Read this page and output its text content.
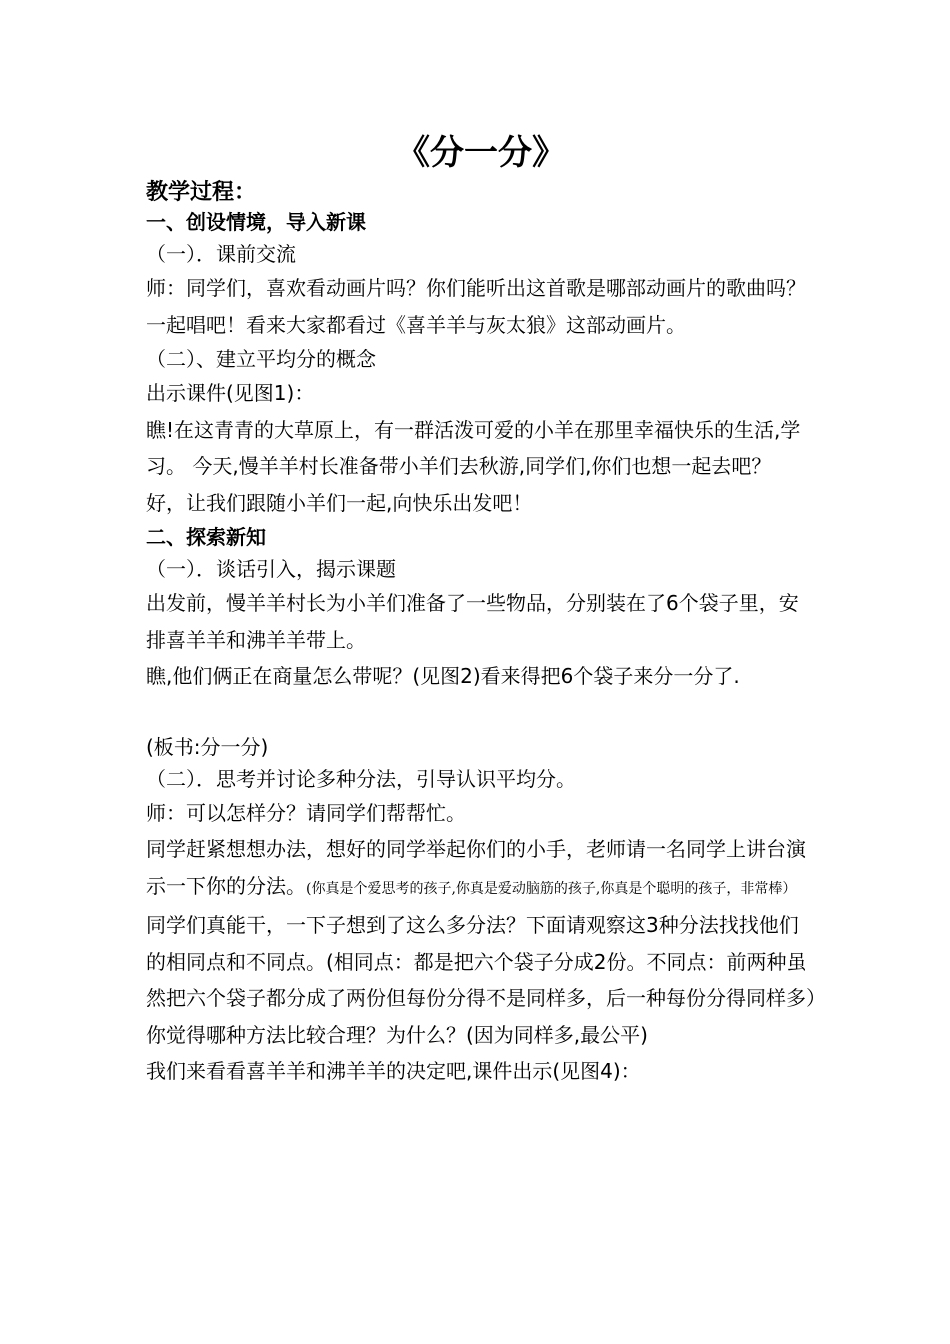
《分一分》
教学过程：
一、创设情境，导入新课
（一）．课前交流
师：同学们，喜欢看动画片吗？你们能听出这首歌是哪部动画片的歌曲吗？一起唱吧！看来大家都看过《喜羊羊与灰太狼》这部动画片。
（二）、建立平均分的概念
出示课件(见图1)：
瞧!在这青青的大草原上，有一群活泼可爱的小羊在那里幸福快乐的生活,学习。 今天,慢羊羊村长准备带小羊们去秋游,同学们,你们也想一起去吧？
好，让我们跟随小羊们一起,向快乐出发吧！
二、探索新知
（一）．谈话引入，揭示课题
出发前，慢羊羊村长为小羊们准备了一些物品，分别装在了6个袋子里，安排喜羊羊和沸羊羊带上。
瞧,他们俩正在商量怎么带呢？(见图2)看来得把6个袋子来分一分了.
(板书:分一分)
（二）．思考并讨论多种分法，引导认识平均分。
师：可以怎样分？请同学们帮帮忙。
同学赶紧想想办法，想好的同学举起你们的小手，老师请一名同学上讲台演示一下你的分法。(你真是个爱思考的孩子,你真是爱动脑筋的孩子,你真是个聪明的孩子，非常棒）
同学们真能干，一下子想到了这么多分法？下面请观察这3种分法找找他们的相同点和不同点。(相同点：都是把六个袋子分成2份。不同点：前两种虽然把六个袋子都分成了两份但每份分得不是同样多，后一种每份分得同样多）你觉得哪种方法比较合理？为什么？(因为同样多,最公平)
我们来看看喜羊羊和沸羊羊的决定吧,课件出示(见图4)：
